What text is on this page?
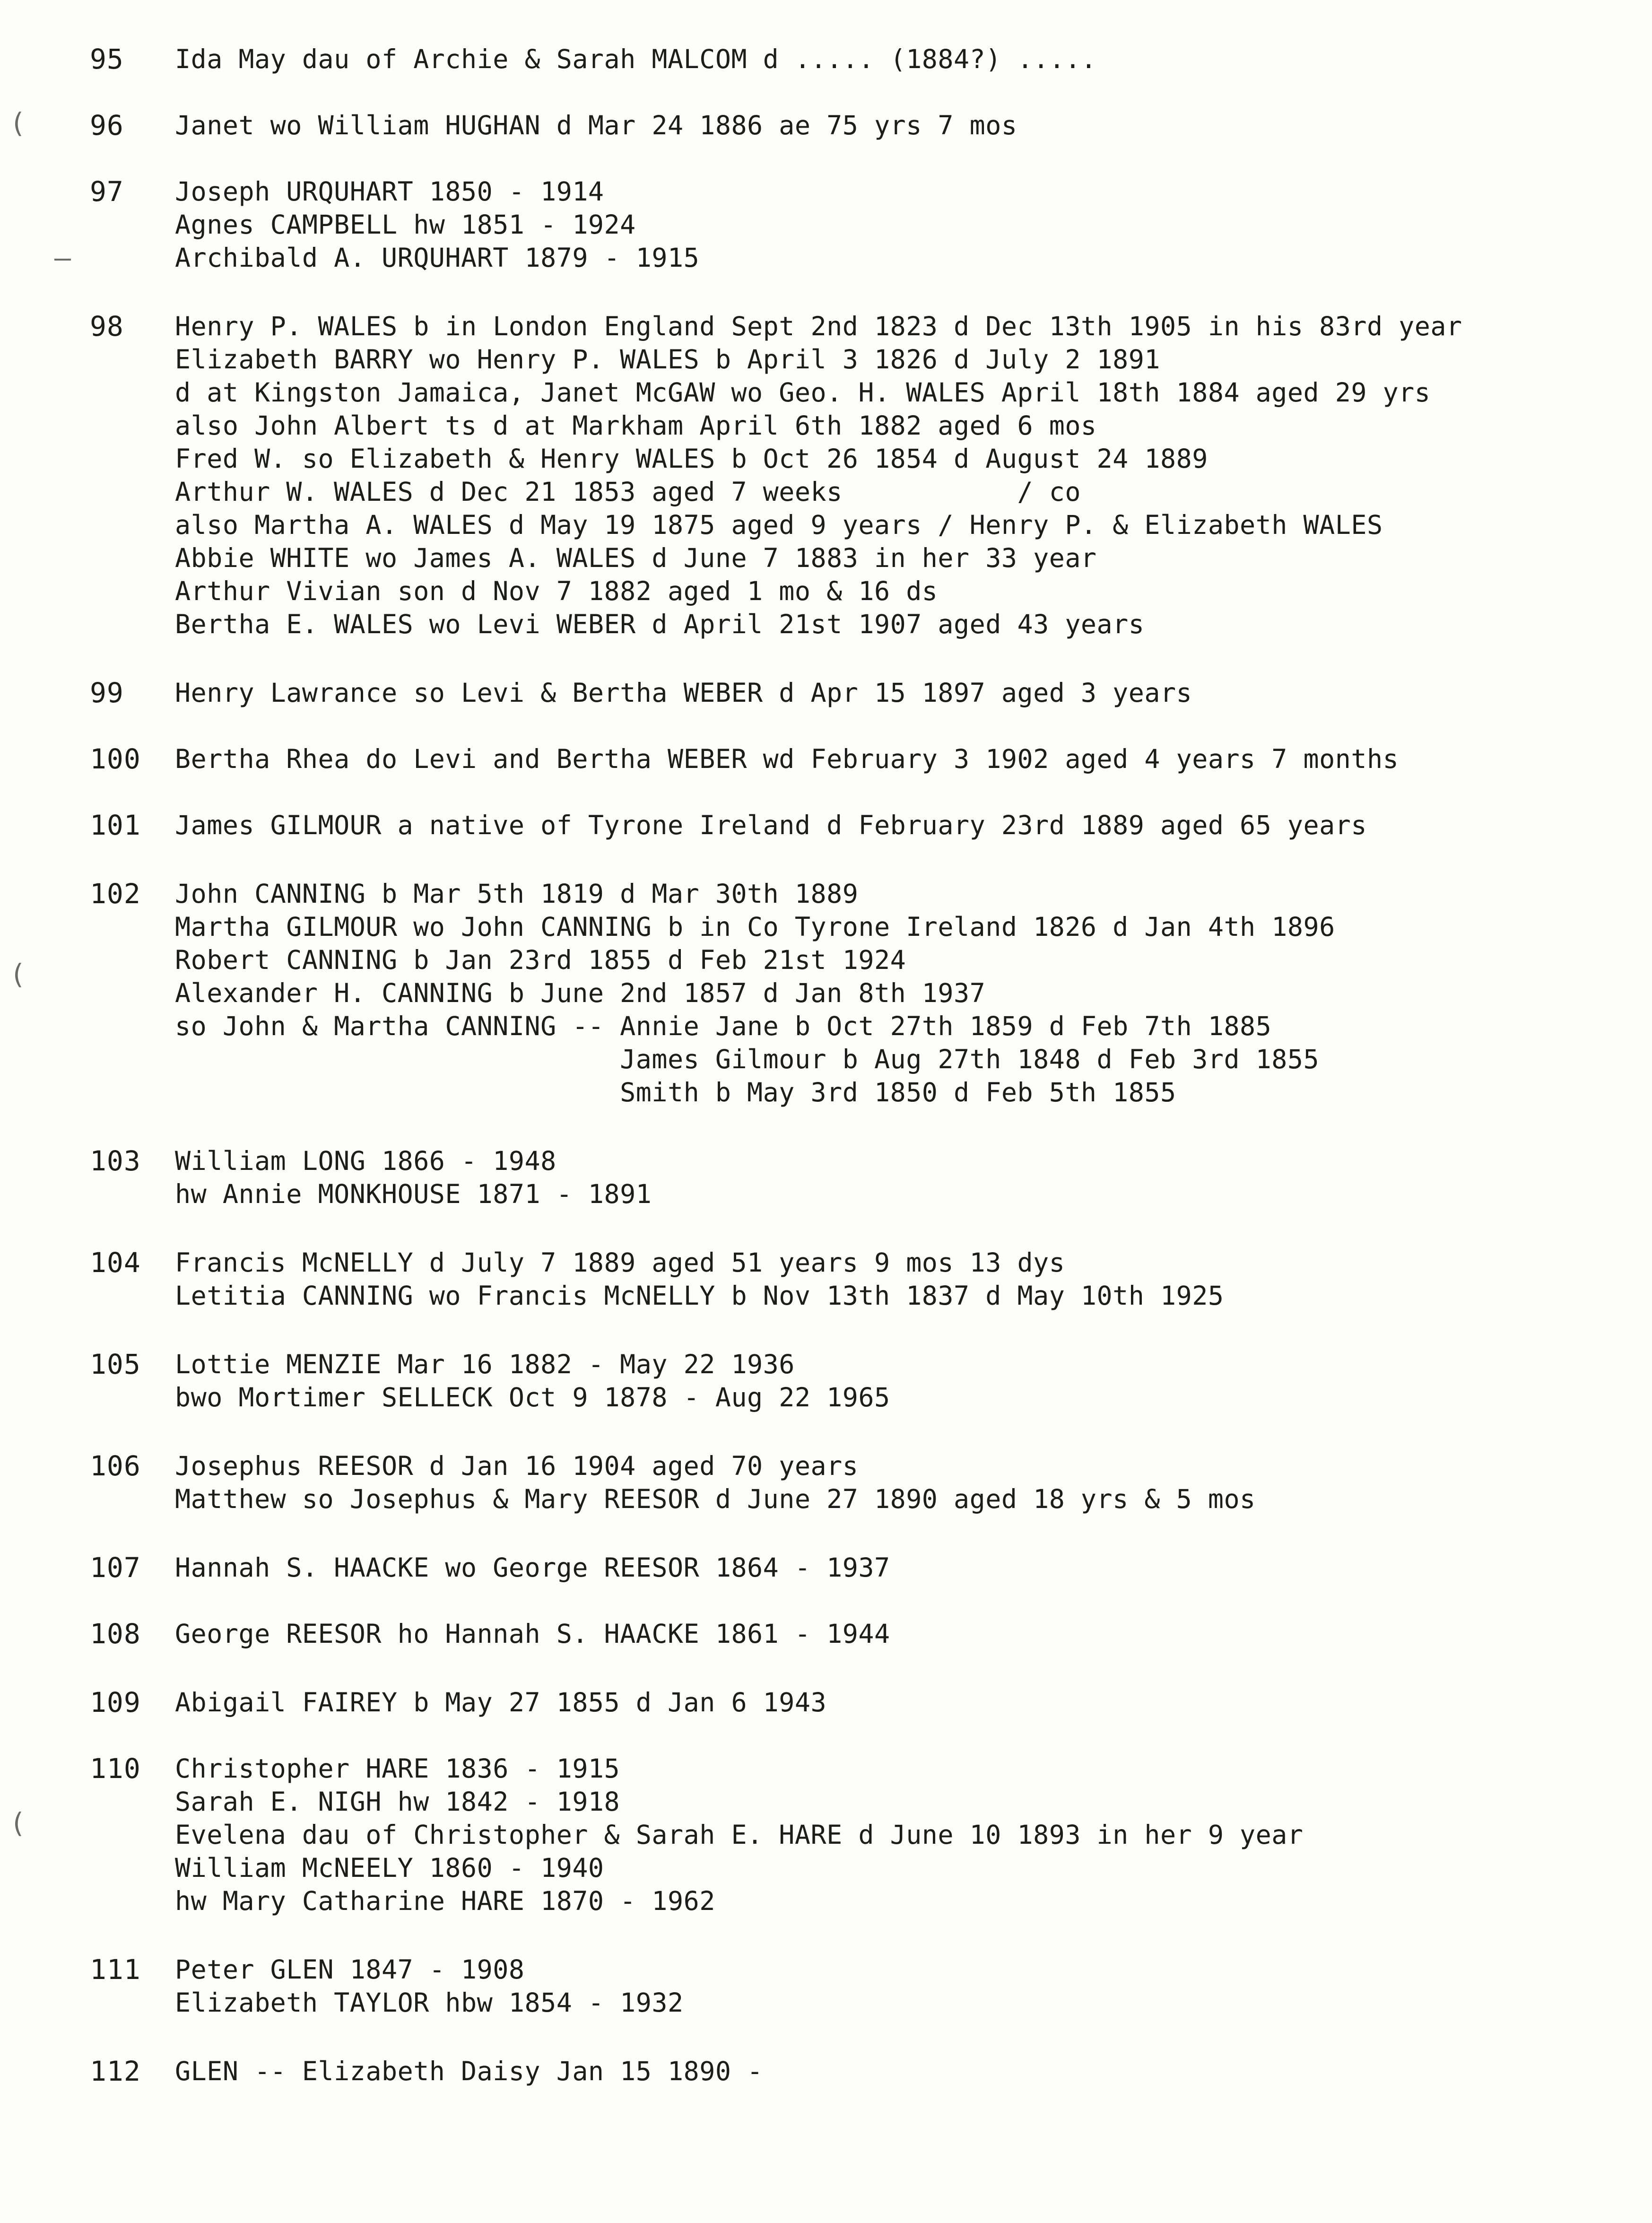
(
—
(
(
95 Ida May dau of Archie & Sarah MALCOM d ..... (1884?) .....
96 Janet wo William HUGHAN d Mar 24 1886 ae 75 yrs 7 mos
97 Joseph URQUHART 1850 - 1914
Agnes CAMPBELL hw 1851 - 1924
Archibald A. URQUHART 1879 - 1915
98 Henry P. WALES b in London England Sept 2nd 1823 d Dec 13th 1905 in his 83rd year
Elizabeth BARRY wo Henry P. WALES b April 3 1826 d July 2 1891
d at Kingston Jamaica, Janet McGAW wo Geo. H. WALES April 18th 1884 aged 29 yrs
also John Albert ts d at Markham April 6th 1882 aged 6 mos
Fred W. so Elizabeth & Henry WALES b Oct 26 1854 d August 24 1889
Arthur W. WALES d Dec 21 1853 aged 7 weeks           / co
also Martha A. WALES d May 19 1875 aged 9 years / Henry P. & Elizabeth WALES
Abbie WHITE wo James A. WALES d June 7 1883 in her 33 year
Arthur Vivian son d Nov 7 1882 aged 1 mo & 16 ds
Bertha E. WALES wo Levi WEBER d April 21st 1907 aged 43 years
99 Henry Lawrance so Levi & Bertha WEBER d Apr 15 1897 aged 3 years
100 Bertha Rhea do Levi and Bertha WEBER wd February 3 1902 aged 4 years 7 months
101 James GILMOUR a native of Tyrone Ireland d February 23rd 1889 aged 65 years
102 John CANNING b Mar 5th 1819 d Mar 30th 1889
Martha GILMOUR wo John CANNING b in Co Tyrone Ireland 1826 d Jan 4th 1896
Robert CANNING b Jan 23rd 1855 d Feb 21st 1924
Alexander H. CANNING b June 2nd 1857 d Jan 8th 1937
so John & Martha CANNING -- Annie Jane b Oct 27th 1859 d Feb 7th 1885
James Gilmour b Aug 27th 1848 d Feb 3rd 1855
Smith b May 3rd 1850 d Feb 5th 1855
103 William LONG 1866 - 1948
hw Annie MONKHOUSE 1871 - 1891
104 Francis McNELLY d July 7 1889 aged 51 years 9 mos 13 dys
Letitia CANNING wo Francis McNELLY b Nov 13th 1837 d May 10th 1925
105 Lottie MENZIE Mar 16 1882 - May 22 1936
bwo Mortimer SELLECK Oct 9 1878 - Aug 22 1965
106 Josephus REESOR d Jan 16 1904 aged 70 years
Matthew so Josephus & Mary REESOR d June 27 1890 aged 18 yrs & 5 mos
107 Hannah S. HAACKE wo George REESOR 1864 - 1937
108 George REESOR ho Hannah S. HAACKE 1861 - 1944
109 Abigail FAIREY b May 27 1855 d Jan 6 1943
110 Christopher HARE 1836 - 1915
Sarah E. NIGH hw 1842 - 1918
Evelena dau of Christopher & Sarah E. HARE d June 10 1893 in her 9 year
William McNEELY 1860 - 1940
hw Mary Catharine HARE 1870 - 1962
111 Peter GLEN 1847 - 1908
Elizabeth TAYLOR hbw 1854 - 1932
112 GLEN -- Elizabeth Daisy Jan 15 1890 -
